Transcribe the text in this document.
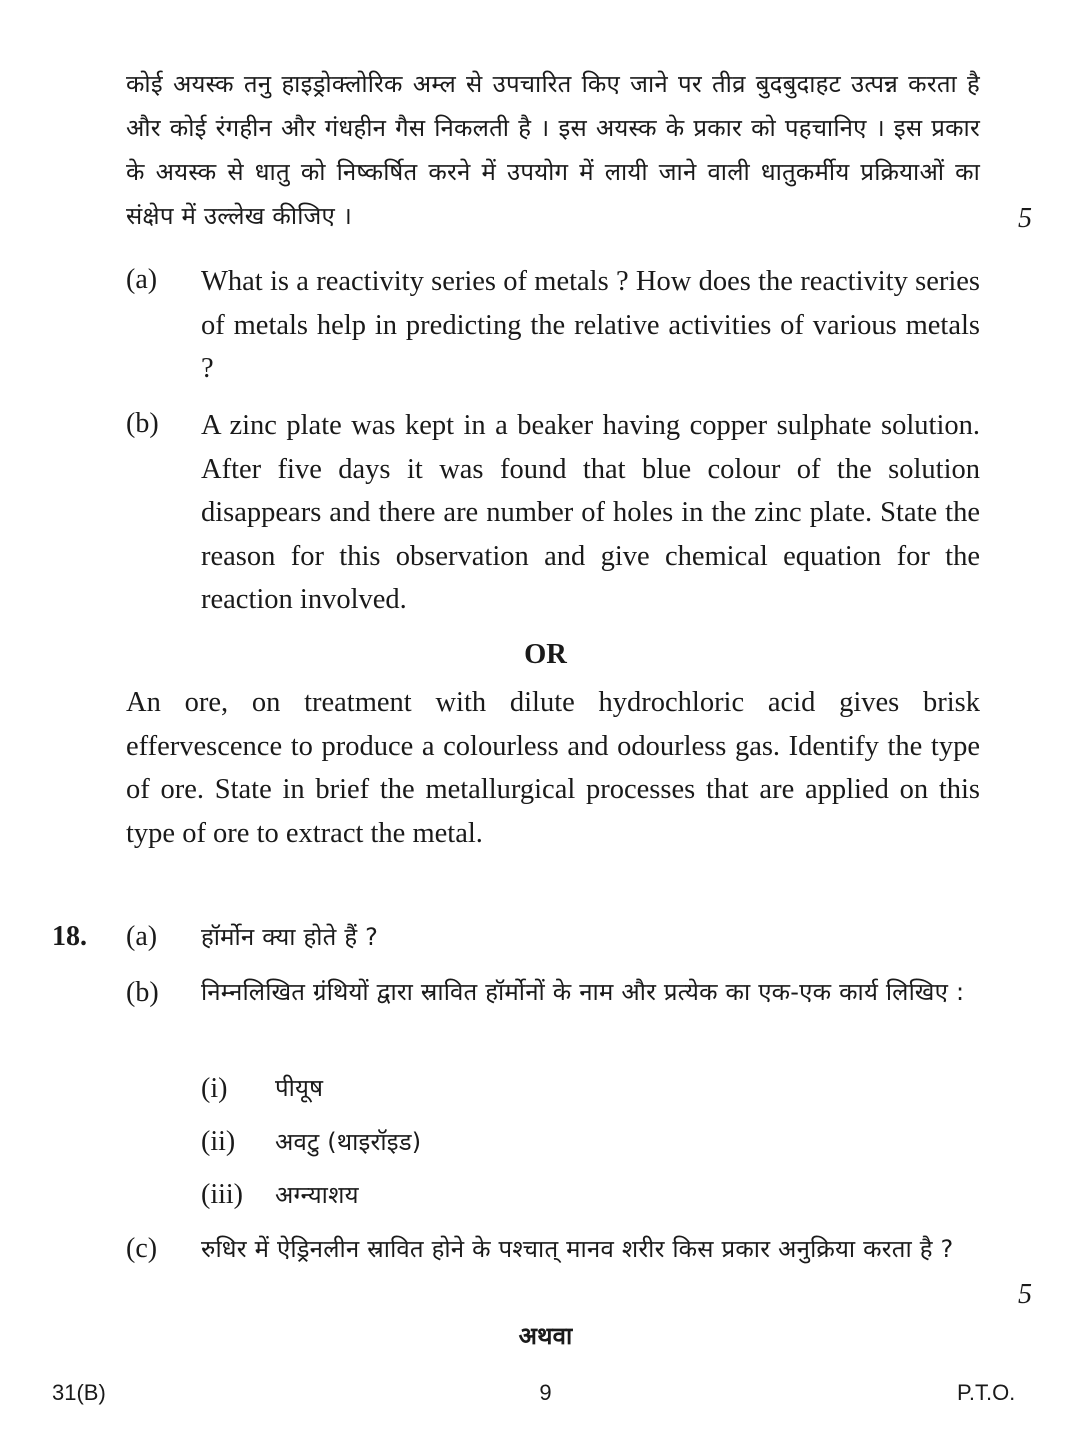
कोई अयस्क तनु हाइड्रोक्लोरिक अम्ल से उपचारित किए जाने पर तीव्र बुदबुदाहट उत्पन्न करता है और कोई रंगहीन और गंधहीन गैस निकलती है । इस अयस्क के प्रकार को पहचानिए । इस प्रकार के अयस्क से धातु को निष्कर्षित करने में उपयोग में लायी जाने वाली धातुकर्मीय प्रक्रियाओं का संक्षेप में उल्लेख कीजिए ।	5
(a) What is a reactivity series of metals ? How does the reactivity series of metals help in predicting the relative activities of various metals ?

(b) A zinc plate was kept in a beaker having copper sulphate solution. After five days it was found that blue colour of the solution disappears and there are number of holes in the zinc plate. State the reason for this observation and give chemical equation for the reaction involved.

OR

An ore, on treatment with dilute hydrochloric acid gives brisk effervescence to produce a colourless and odourless gas. Identify the type of ore. State in brief the metallurgical processes that are applied on this type of ore to extract the metal.

18. (a) हॉर्मोन क्या होते हैं ?

(b) निम्नलिखित ग्रंथियों द्वारा स्रावित हॉर्मोनों के नाम और प्रत्येक का एक-एक कार्य लिखिए :

(i) पीयूष
(ii) अवटु (थाइरॉइड)
(iii) अग्न्याशय
(c) रुधिर में ऐड्रिनलीन स्रावित होने के पश्चात् मानव शरीर किस प्रकार अनुक्रिया करता है ?

5
अथवा
31(B)	9	P.T.O.
